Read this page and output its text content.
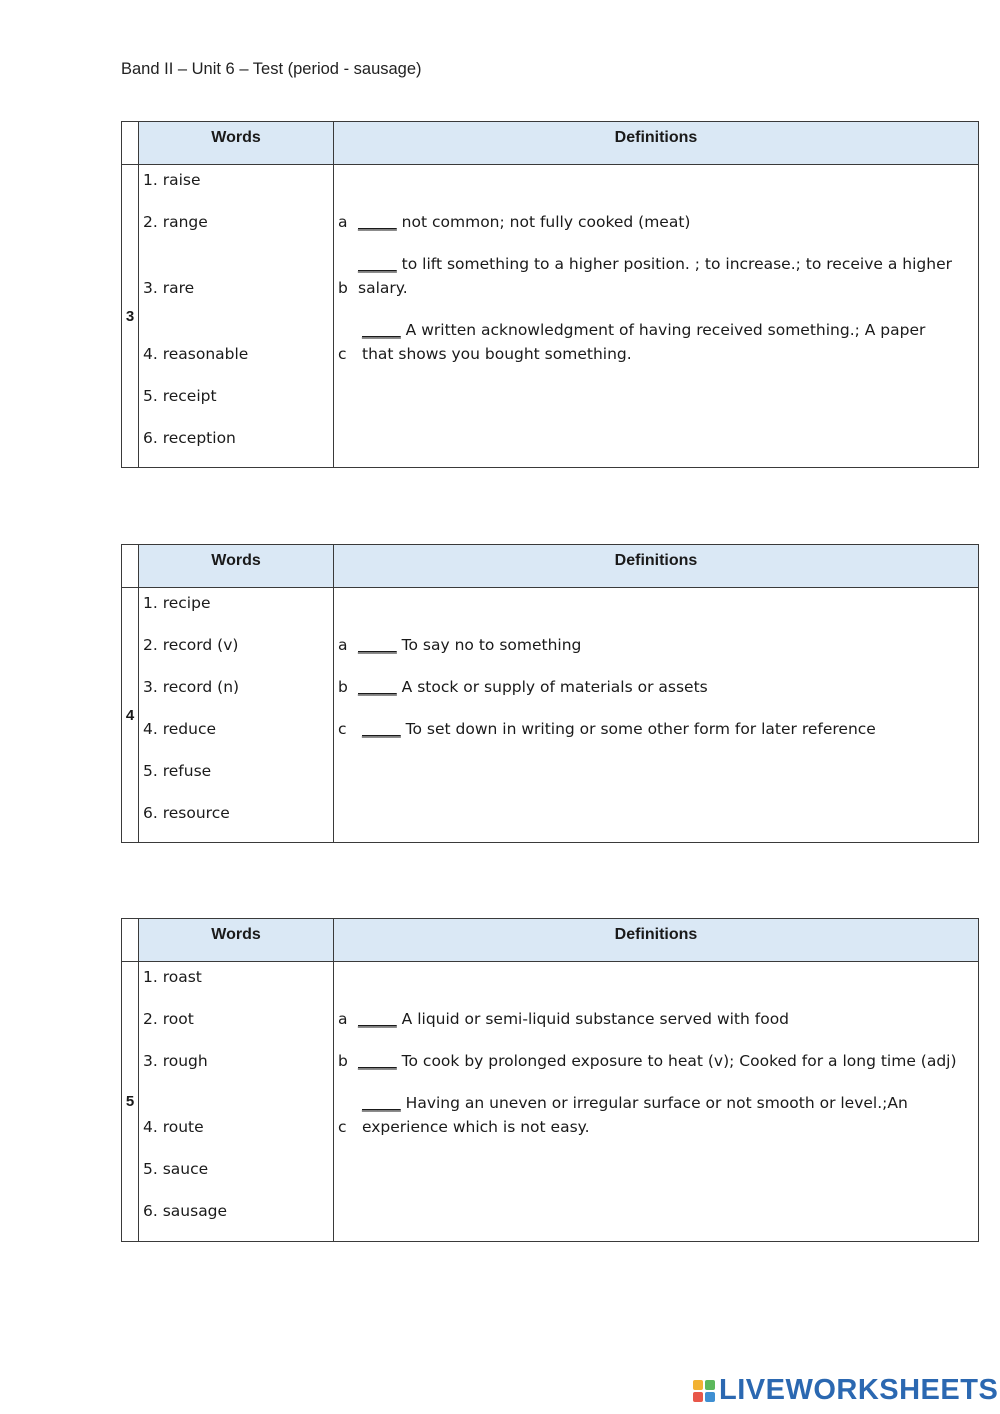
Band II – Unit 6 – Test (period - sausage)
Words	Definitions
3
1. raise
2. range
3. rare
4. reasonable
5. receipt
6. reception
a _____ not common; not fully cooked (meat)
b
_____ to lift something to a higher position. ; to increase.; to receive a higher salary.
c
_____ A written acknowledgment of having received something.; A paper that shows you bought something.
Words	Definitions
4
1. recipe
2. record (v)
3. record (n)
4. reduce
5. refuse
6. resource
a _____ To say no to something
b _____ A stock or supply of materials or assets
c _____ To set down in writing or some other form for later reference
Words	Definitions
5
1. roast
2. root
3. rough
4. route
5. sauce
6. sausage
a _____ A liquid or semi-liquid substance served with food
b _____ To cook by prolonged exposure to heat (v); Cooked for a long time (adj)
c
_____ Having an uneven or irregular surface or not smooth or level.;An experience which is not easy.
LIVEWORKSHEETS
